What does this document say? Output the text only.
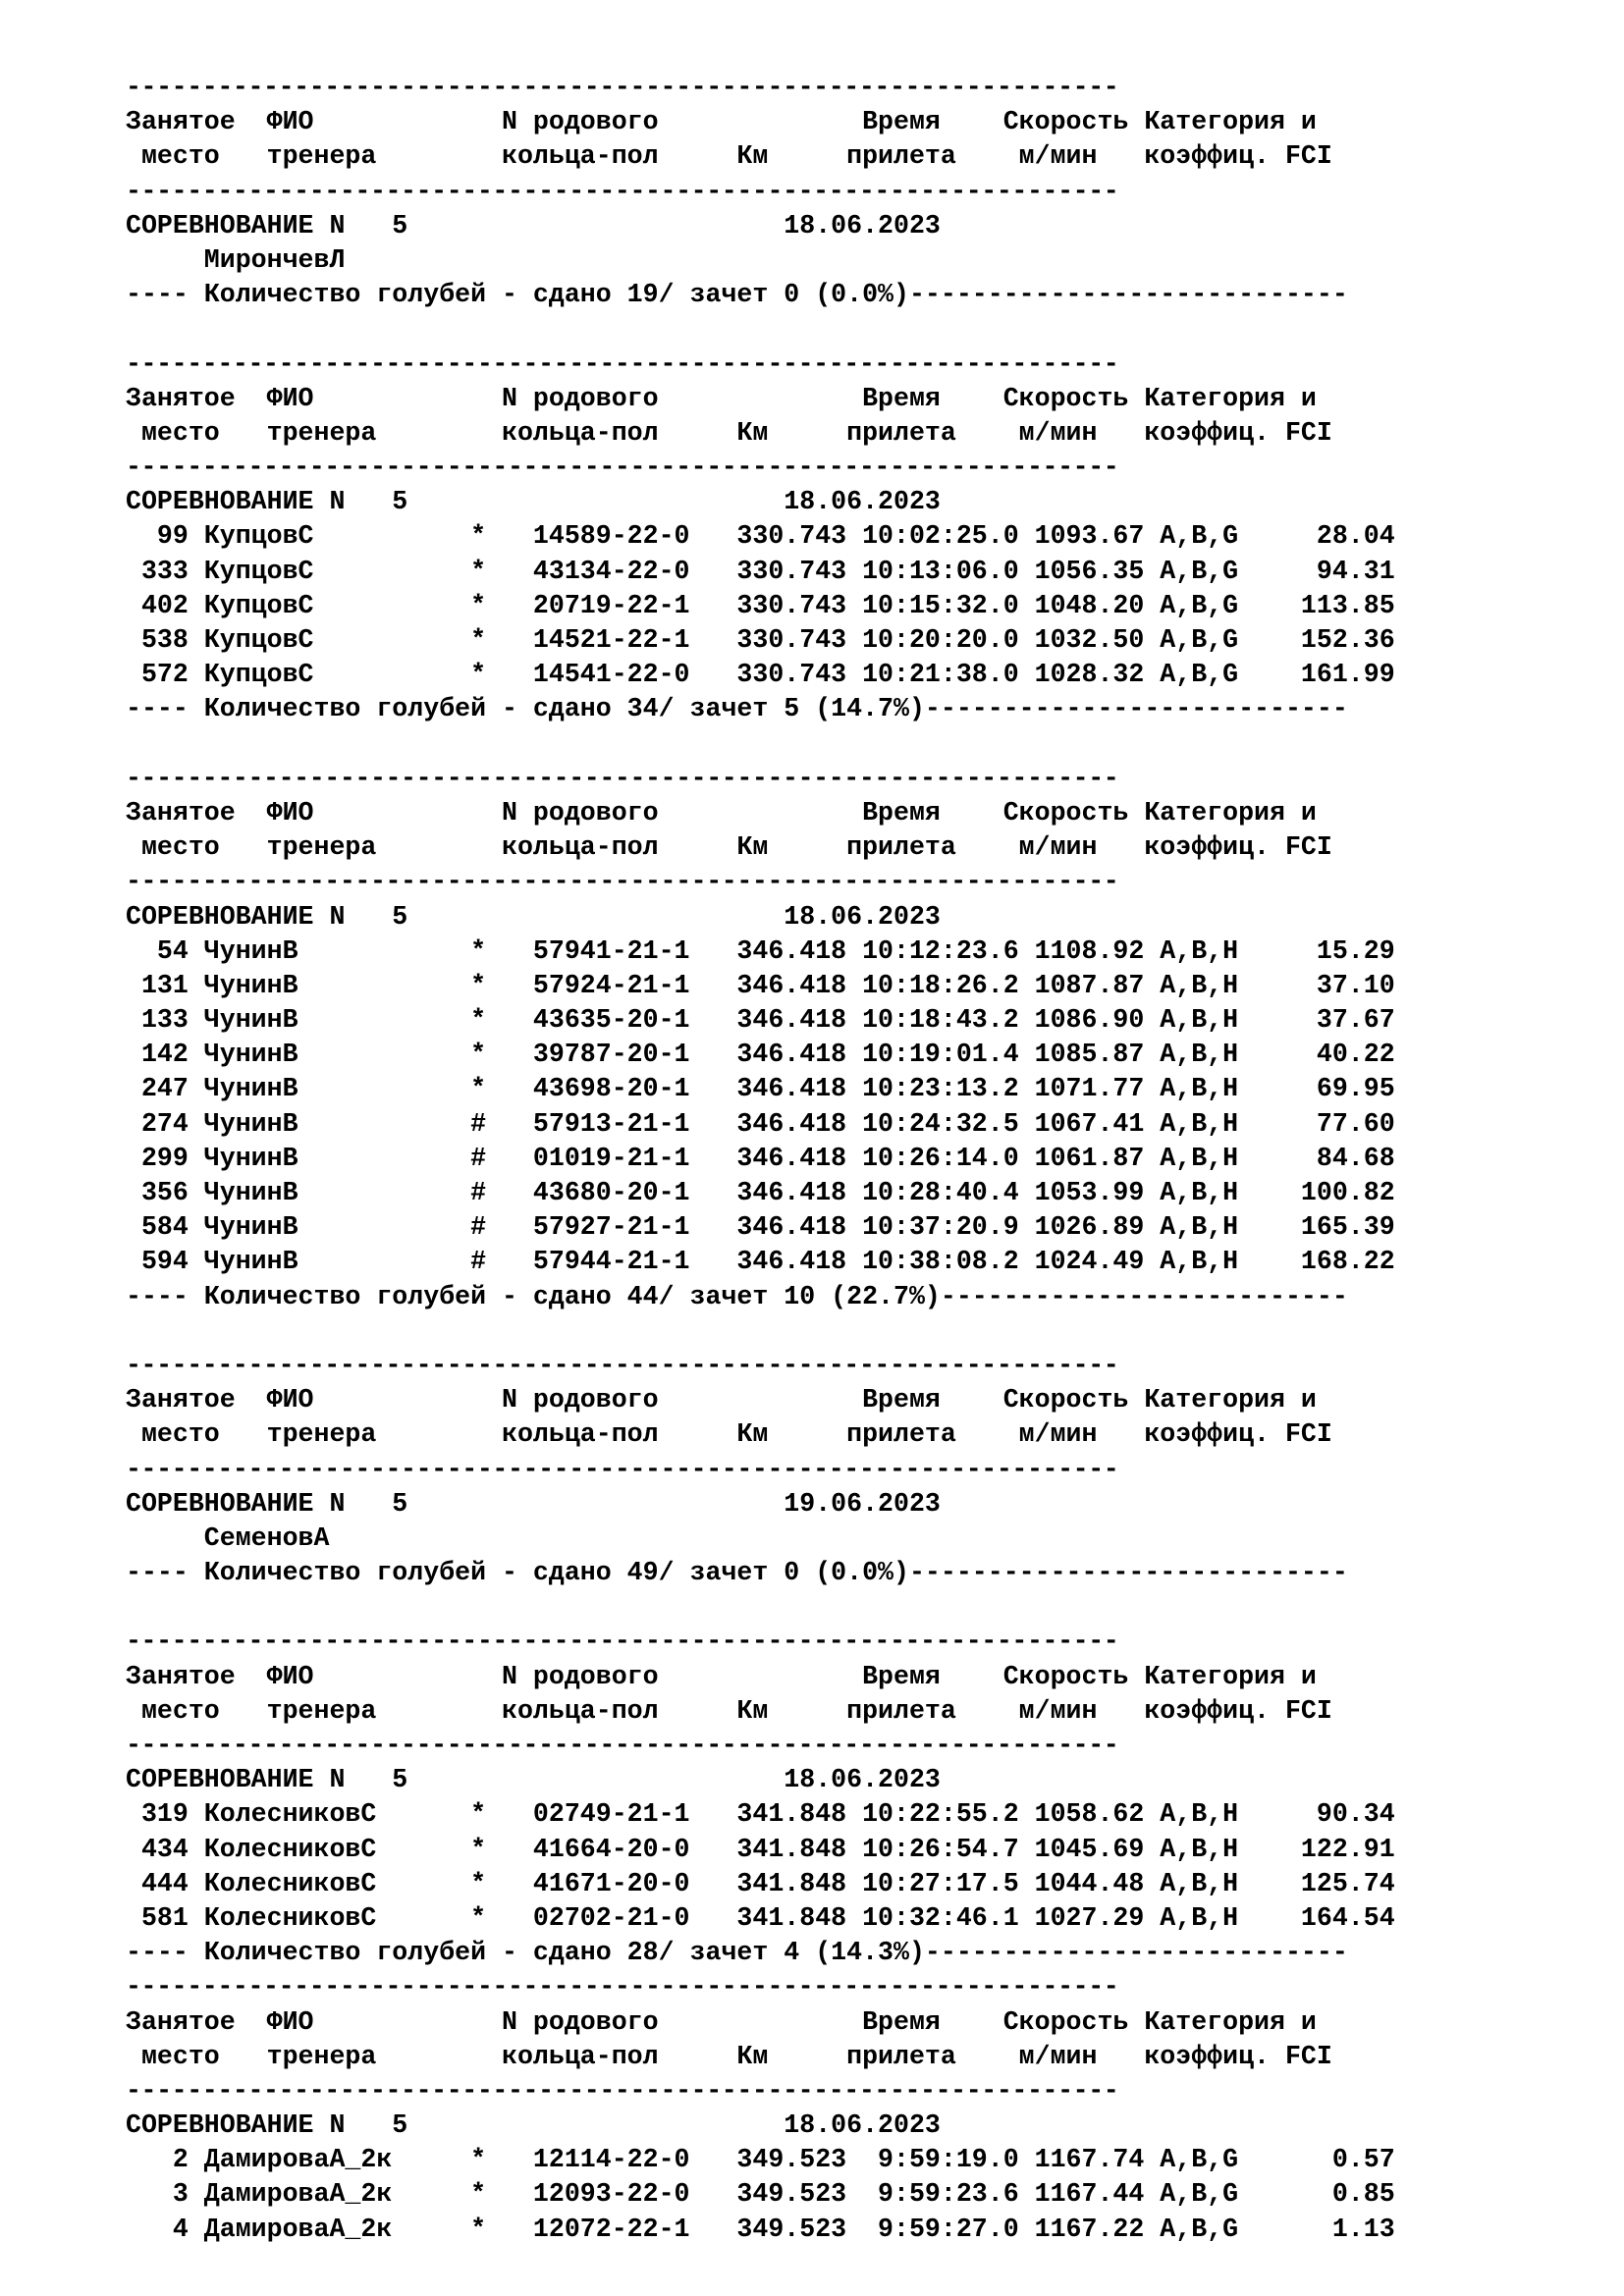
-----------------------------------------------------------------
Занятое  ФИО            N родового             Время    Скорость Категория и
место   тренера        кольца-пол     Км     прилета    м/мин   коэффиц. FCI
-----------------------------------------------------------------
СОРЕВНОВАНИЕ N   5                        18.06.2023
МирончевЛ
---- Количество голубей - сдано 19/ зачет 0 (0.0%)----------------------------
-----------------------------------------------------------------
Занятое  ФИО            N родового             Время    Скорость Категория и
место   тренера        кольца-пол     Км     прилета    м/мин   коэффиц. FCI
-----------------------------------------------------------------
СОРЕВНОВАНИЕ N   5                        18.06.2023
99 КупцовС          *   14589-22-0   330.743 10:02:25.0 1093.67 A,B,G     28.04
333 КупцовС          *   43134-22-0   330.743 10:13:06.0 1056.35 A,B,G     94.31
402 КупцовС          *   20719-22-1   330.743 10:15:32.0 1048.20 A,B,G    113.85
538 КупцовС          *   14521-22-1   330.743 10:20:20.0 1032.50 A,B,G    152.36
572 КупцовС          *   14541-22-0   330.743 10:21:38.0 1028.32 A,B,G    161.99
---- Количество голубей - сдано 34/ зачет 5 (14.7%)---------------------------
-----------------------------------------------------------------
Занятое  ФИО            N родового             Время    Скорость Категория и
место   тренера        кольца-пол     Км     прилета    м/мин   коэффиц. FCI
-----------------------------------------------------------------
СОРЕВНОВАНИЕ N   5                        18.06.2023
54 ЧунинВ           *   57941-21-1   346.418 10:12:23.6 1108.92 A,B,H     15.29
131 ЧунинВ           *   57924-21-1   346.418 10:18:26.2 1087.87 A,B,H     37.10
133 ЧунинВ           *   43635-20-1   346.418 10:18:43.2 1086.90 A,B,H     37.67
142 ЧунинВ           *   39787-20-1   346.418 10:19:01.4 1085.87 A,B,H     40.22
247 ЧунинВ           *   43698-20-1   346.418 10:23:13.2 1071.77 A,B,H     69.95
274 ЧунинВ           #   57913-21-1   346.418 10:24:32.5 1067.41 A,B,H     77.60
299 ЧунинВ           #   01019-21-1   346.418 10:26:14.0 1061.87 A,B,H     84.68
356 ЧунинВ           #   43680-20-1   346.418 10:28:40.4 1053.99 A,B,H    100.82
584 ЧунинВ           #   57927-21-1   346.418 10:37:20.9 1026.89 A,B,H    165.39
594 ЧунинВ           #   57944-21-1   346.418 10:38:08.2 1024.49 A,B,H    168.22
---- Количество голубей - сдано 44/ зачет 10 (22.7%)--------------------------
-----------------------------------------------------------------
Занятое  ФИО            N родового             Время    Скорость Категория и
место   тренера        кольца-пол     Км     прилета    м/мин   коэффиц. FCI
-----------------------------------------------------------------
СОРЕВНОВАНИЕ N   5                        19.06.2023
СеменовА
---- Количество голубей - сдано 49/ зачет 0 (0.0%)----------------------------
-----------------------------------------------------------------
Занятое  ФИО            N родового             Время    Скорость Категория и
место   тренера        кольца-пол     Км     прилета    м/мин   коэффиц. FCI
-----------------------------------------------------------------
СОРЕВНОВАНИЕ N   5                        18.06.2023
319 КолесниковС      *   02749-21-1   341.848 10:22:55.2 1058.62 A,B,H     90.34
434 КолесниковС      *   41664-20-0   341.848 10:26:54.7 1045.69 A,B,H    122.91
444 КолесниковС      *   41671-20-0   341.848 10:27:17.5 1044.48 A,B,H    125.74
581 КолесниковС      *   02702-21-0   341.848 10:32:46.1 1027.29 A,B,H    164.54
---- Количество голубей - сдано 28/ зачет 4 (14.3%)---------------------------
-----------------------------------------------------------------
Занятое  ФИО            N родового             Время    Скорость Категория и
место   тренера        кольца-пол     Км     прилета    м/мин   коэффиц. FCI
-----------------------------------------------------------------
СОРЕВНОВАНИЕ N   5                        18.06.2023
2 ДамироваА_2к     *   12114-22-0   349.523  9:59:19.0 1167.74 A,B,G      0.57
3 ДамироваА_2к     *   12093-22-0   349.523  9:59:23.6 1167.44 A,B,G      0.85
4 ДамироваА_2к     *   12072-22-1   349.523  9:59:27.0 1167.22 A,B,G      1.13
